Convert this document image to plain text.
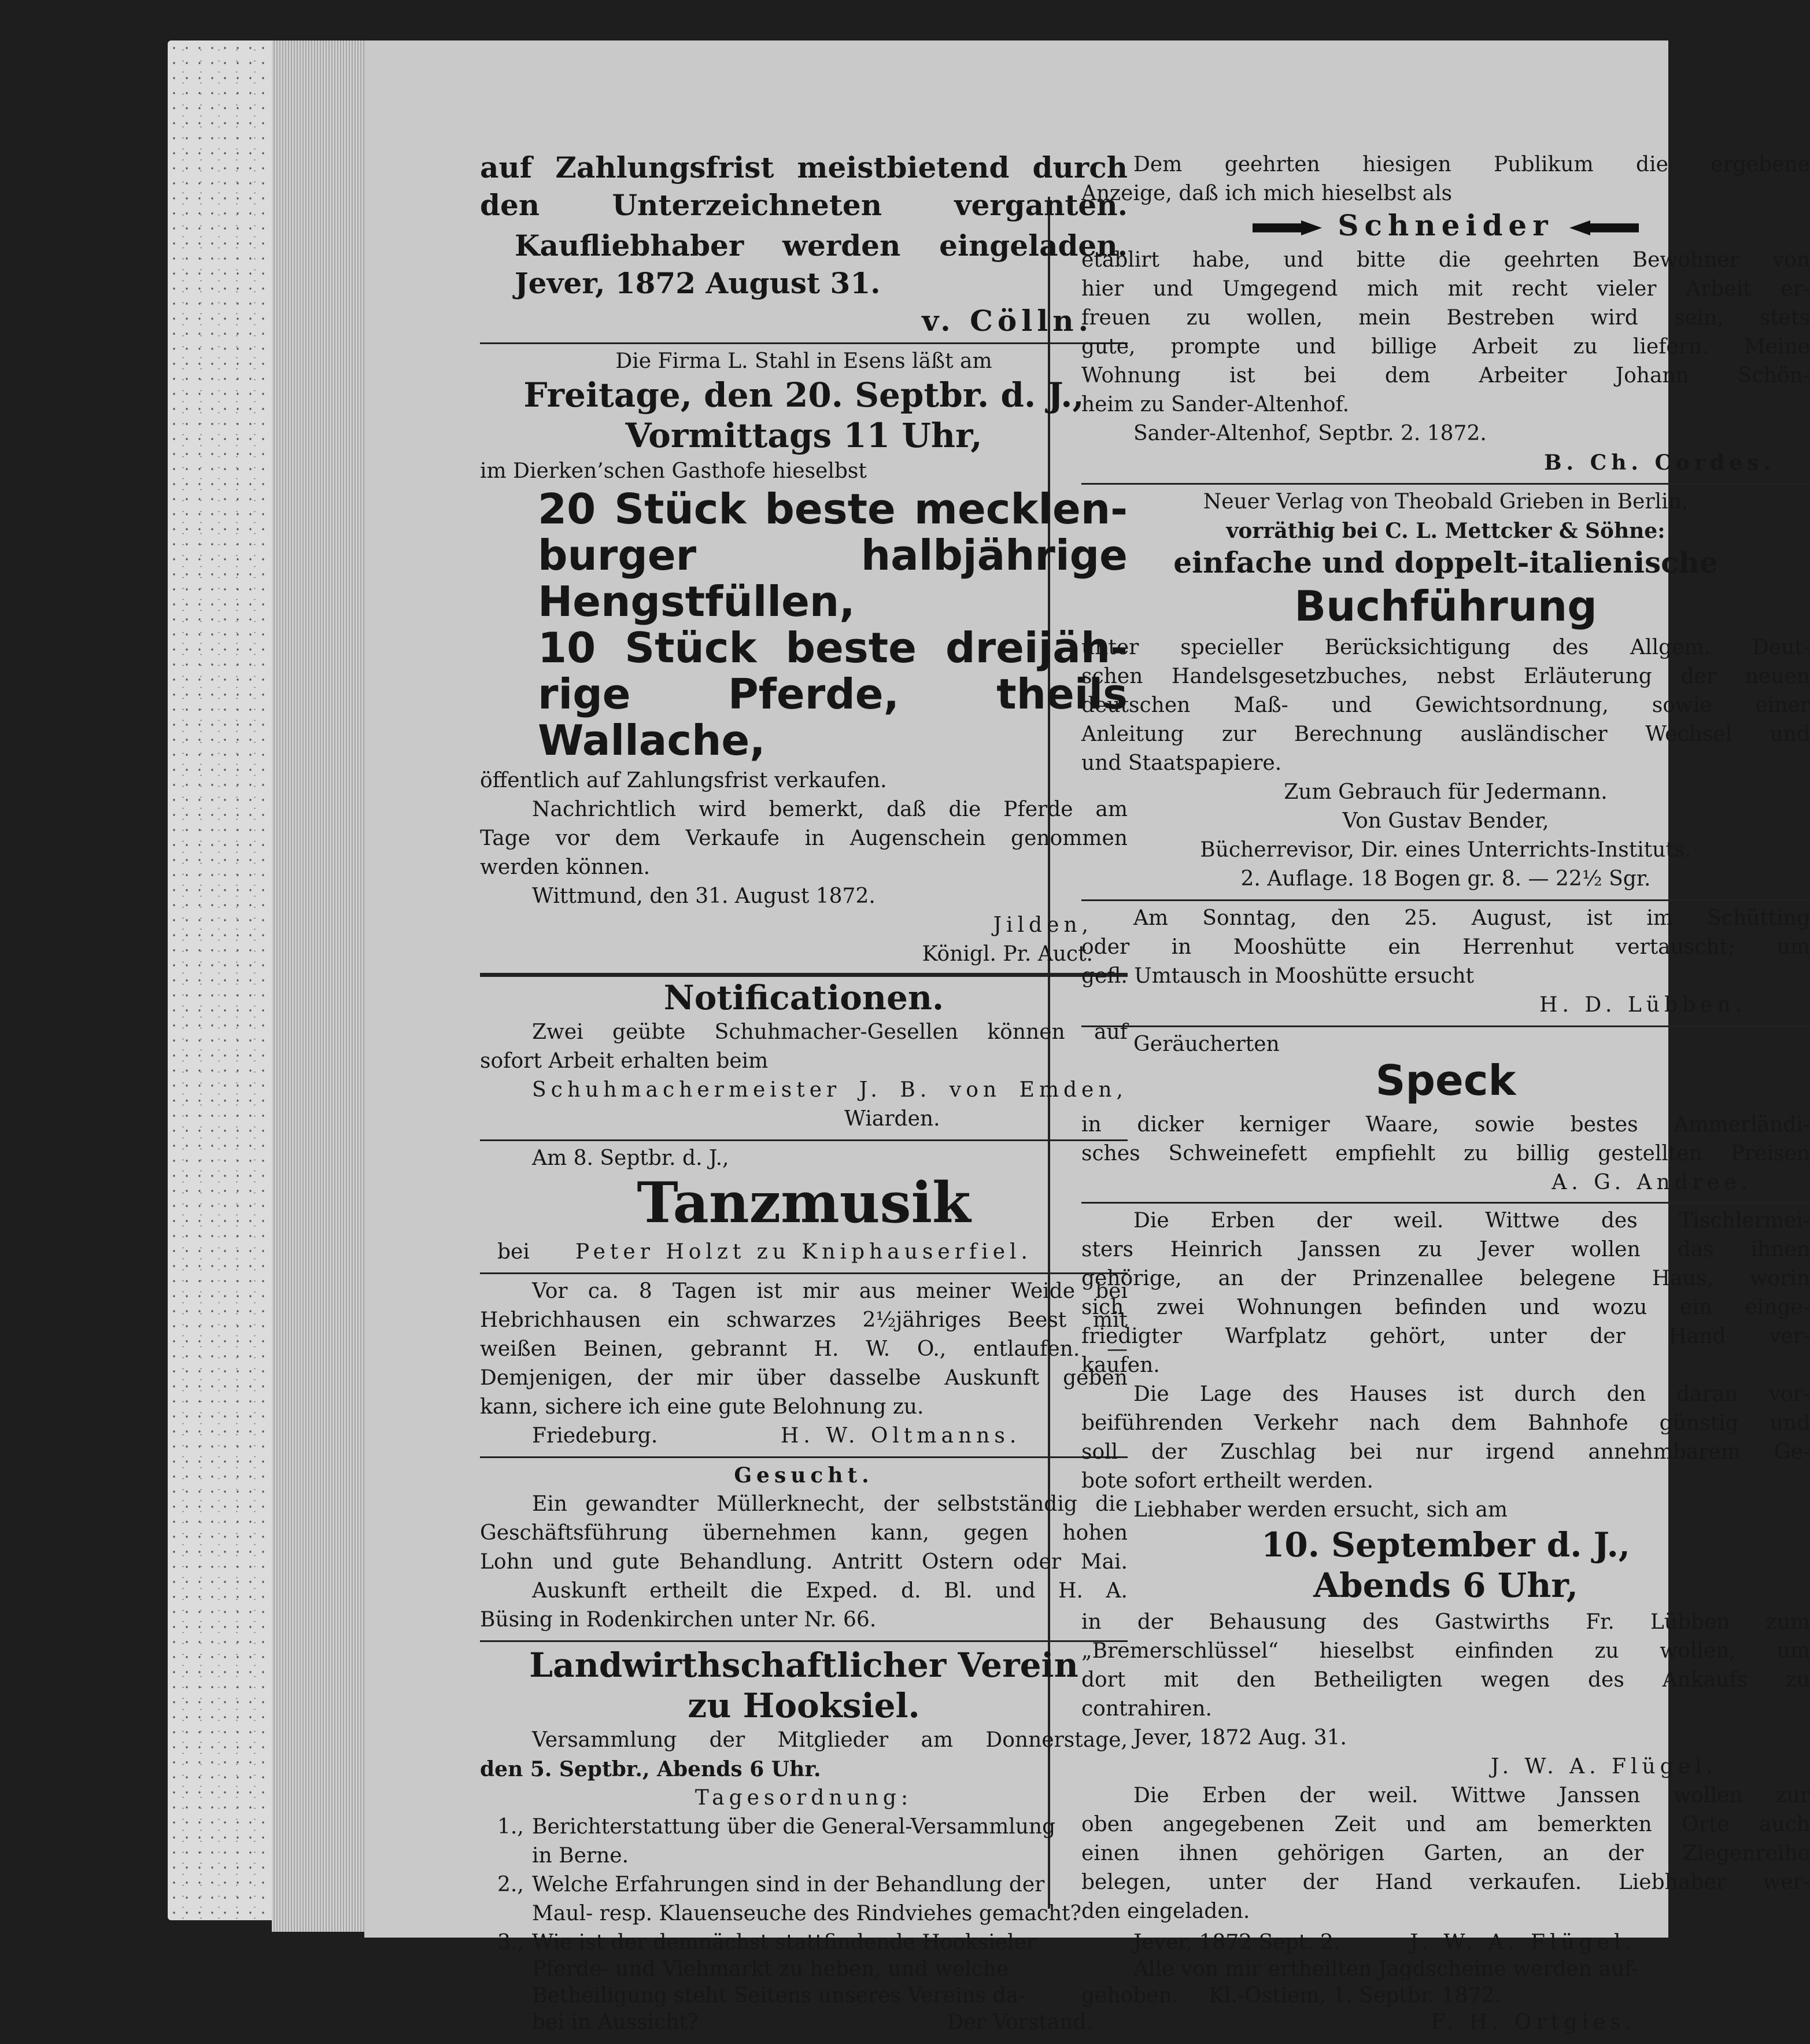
auf Zahlungsfrist meistbietend durch
den Unterzeichneten verganten.
Kaufliebhaber werden eingeladen.
Jever, 1872 August 31.
v. Cölln.
Die Firma L. Stahl in Esens läßt am
Freitage, den 20. Septbr. d. J.,
Vormittags 11 Uhr,
im Dierken’schen Gasthofe hieselbst
20 Stück beste mecklen-
burger halbjährige
Hengstfüllen,
10 Stück beste dreijäh-
rige Pferde, theils
Wallache,
öffentlich auf Zahlungsfrist verkaufen.
Nachrichtlich wird bemerkt, daß die Pferde am
Tage vor dem Verkaufe in Augenschein genommen
werden können.
Wittmund, den 31. August 1872.
Jilden,
Königl. Pr. Auct.
Notificationen.
Zwei geübte Schuhmacher-Gesellen können auf
sofort Arbeit erhalten beim
Schuhmachermeister J. B. von Emden,
Wiarden.
Am 8. Septbr. d. J.,
Tanzmusik
bei	Peter Holzt zu Kniphauserfiel.
Vor ca. 8 Tagen ist mir aus meiner Weide bei
Hebrichhausen ein schwarzes 2½jähriges Beest mit
weißen Beinen, gebrannt H. W. O., entlaufen. —
Demjenigen, der mir über dasselbe Auskunft geben
kann, sichere ich eine gute Belohnung zu.
Friedeburg.	H. W. Oltmanns.
Gesucht.
Ein gewandter Müllerknecht, der selbstständig die
Geschäftsführung übernehmen kann, gegen hohen
Lohn und gute Behandlung. Antritt Ostern oder Mai.
Auskunft ertheilt die Exped. d. Bl. und H. A.
Büsing in Rodenkirchen unter Nr. 66.
Landwirthschaftlicher Verein
zu Hooksiel.
Versammlung der Mitglieder am Donnerstage,
den 5. Septbr., Abends 6 Uhr.
Tagesordnung:
1., Berichterstattung über die General-Versammlung
in Berne.
2., Welche Erfahrungen sind in der Behandlung der
Maul- resp. Klauenseuche des Rindviehes gemacht?
Dem geehrten hiesigen Publikum die ergebene
Anzeige, daß ich mich hieselbst als
Schneider
etablirt habe, und bitte die geehrten Bewohner von
hier und Umgegend mich mit recht vieler Arbeit er-
freuen zu wollen, mein Bestreben wird sein, stets
gute, prompte und billige Arbeit zu liefern. Meine
Wohnung ist bei dem Arbeiter Johann Schön-
heim zu Sander-Altenhof.
Sander-Altenhof, Septbr. 2. 1872.
B. Ch. Cordes.
Neuer Verlag von Theobald Grieben in Berlin,
vorräthig bei C. L. Mettcker & Söhne:
einfache und doppelt-italienische
Buchführung
unter specieller Berücksichtigung des Allgem. Deut-
schen Handelsgesetzbuches, nebst Erläuterung der neuen
deutschen Maß- und Gewichtsordnung, sowie einer
Anleitung zur Berechnung ausländischer Wechsel und
und Staatspapiere.
Zum Gebrauch für Jedermann.
Von Gustav Bender,
Bücherrevisor, Dir. eines Unterrichts-Instituts.
2. Auflage. 18 Bogen gr. 8. — 22½ Sgr.
Am Sonntag, den 25. August, ist im Schütting
oder in Mooshütte ein Herrenhut vertauscht; um
gefl. Umtausch in Mooshütte ersucht
H. D. Lübben.
Geräucherten
Speck
in dicker kerniger Waare, sowie bestes Ammerländi-
sches Schweinefett empfiehlt zu billig gestellten Preisen
A. G. Andree.
Die Erben der weil. Wittwe des Tischlermei-
sters Heinrich Janssen zu Jever wollen das ihnen
gehörige, an der Prinzenallee belegene Haus, worin
sich zwei Wohnungen befinden und wozu ein einge-
friedigter Warfplatz gehört, unter der Hand ver-
kaufen.
Die Lage des Hauses ist durch den daran vor-
beiführenden Verkehr nach dem Bahnhofe günstig und
soll der Zuschlag bei nur irgend annehmbarem Ge-
bote sofort ertheilt werden.
Liebhaber werden ersucht, sich am
10. September d. J.,
Abends 6 Uhr,
in der Behausung des Gastwirths Fr. Lübben zum
„Bremerschlüssel“ hieselbst einfinden zu wollen, um
dort mit den Betheiligten wegen des Ankaufs zu
contrahiren.
Jever, 1872 Aug. 31.
J. W. A. Flügel.
Die Erben der weil. Wittwe Janssen wollen zur
oben angegebenen Zeit und am bemerkten Orte auch
einen ihnen gehörigen Garten, an der Ziegenreihe
belegen, unter der Hand verkaufen. Liebhaber wer-
den eingeladen.
Wie ist der demnächst stattfindende Hooksieler
3.,
Pferde- und Viehmarkt zu heben, und welche
Betheiligung steht Seitens unseres Vereins da-
bei in Aussicht?	Der Vorstand.
Jever, 1872 Sept. 2.	J. W. A. Flügel.
Alle von mir ertheilten Jagdscheine werden auf-
gehoben. Kl.-Ostiem, 1. Septbr. 1872.
F. H. Ortgies.
